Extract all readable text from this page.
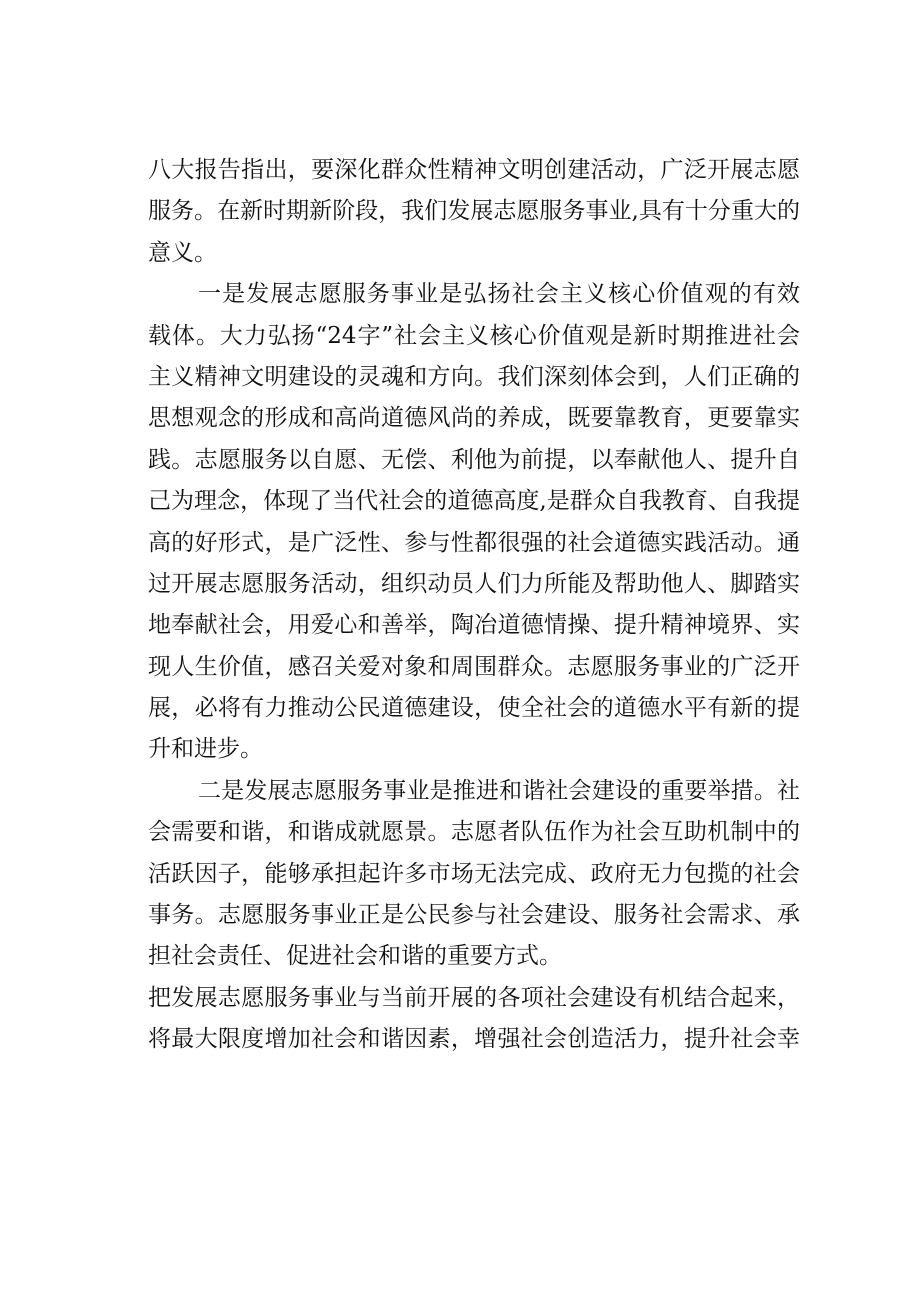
八大报告指出，要深化群众性精神文明创建活动，广泛开展志愿
服务。在新时期新阶段，我们发展志愿服务事业,具有十分重大的
意义。
一是发展志愿服务事业是弘扬社会主义核心价值观的有效
载体。大力弘扬“24字”社会主义核心价值观是新时期推进社会
主义精神文明建设的灵魂和方向。我们深刻体会到，人们正确的
思想观念的形成和高尚道德风尚的养成，既要靠教育，更要靠实
践。志愿服务以自愿、无偿、利他为前提，以奉献他人、提升自
己为理念，体现了当代社会的道德高度,是群众自我教育、自我提
高的好形式，是广泛性、参与性都很强的社会道德实践活动。通
过开展志愿服务活动，组织动员人们力所能及帮助他人、脚踏实
地奉献社会，用爱心和善举，陶冶道德情操、提升精神境界、实
现人生价值，感召关爱对象和周围群众。志愿服务事业的广泛开
展，必将有力推动公民道德建设，使全社会的道德水平有新的提
升和进步。
二是发展志愿服务事业是推进和谐社会建设的重要举措。社
会需要和谐，和谐成就愿景。志愿者队伍作为社会互助机制中的
活跃因子，能够承担起许多市场无法完成、政府无力包揽的社会
事务。志愿服务事业正是公民参与社会建设、服务社会需求、承
担社会责任、促进社会和谐的重要方式。
把发展志愿服务事业与当前开展的各项社会建设有机结合起来，
将最大限度增加社会和谐因素，增强社会创造活力，提升社会幸
